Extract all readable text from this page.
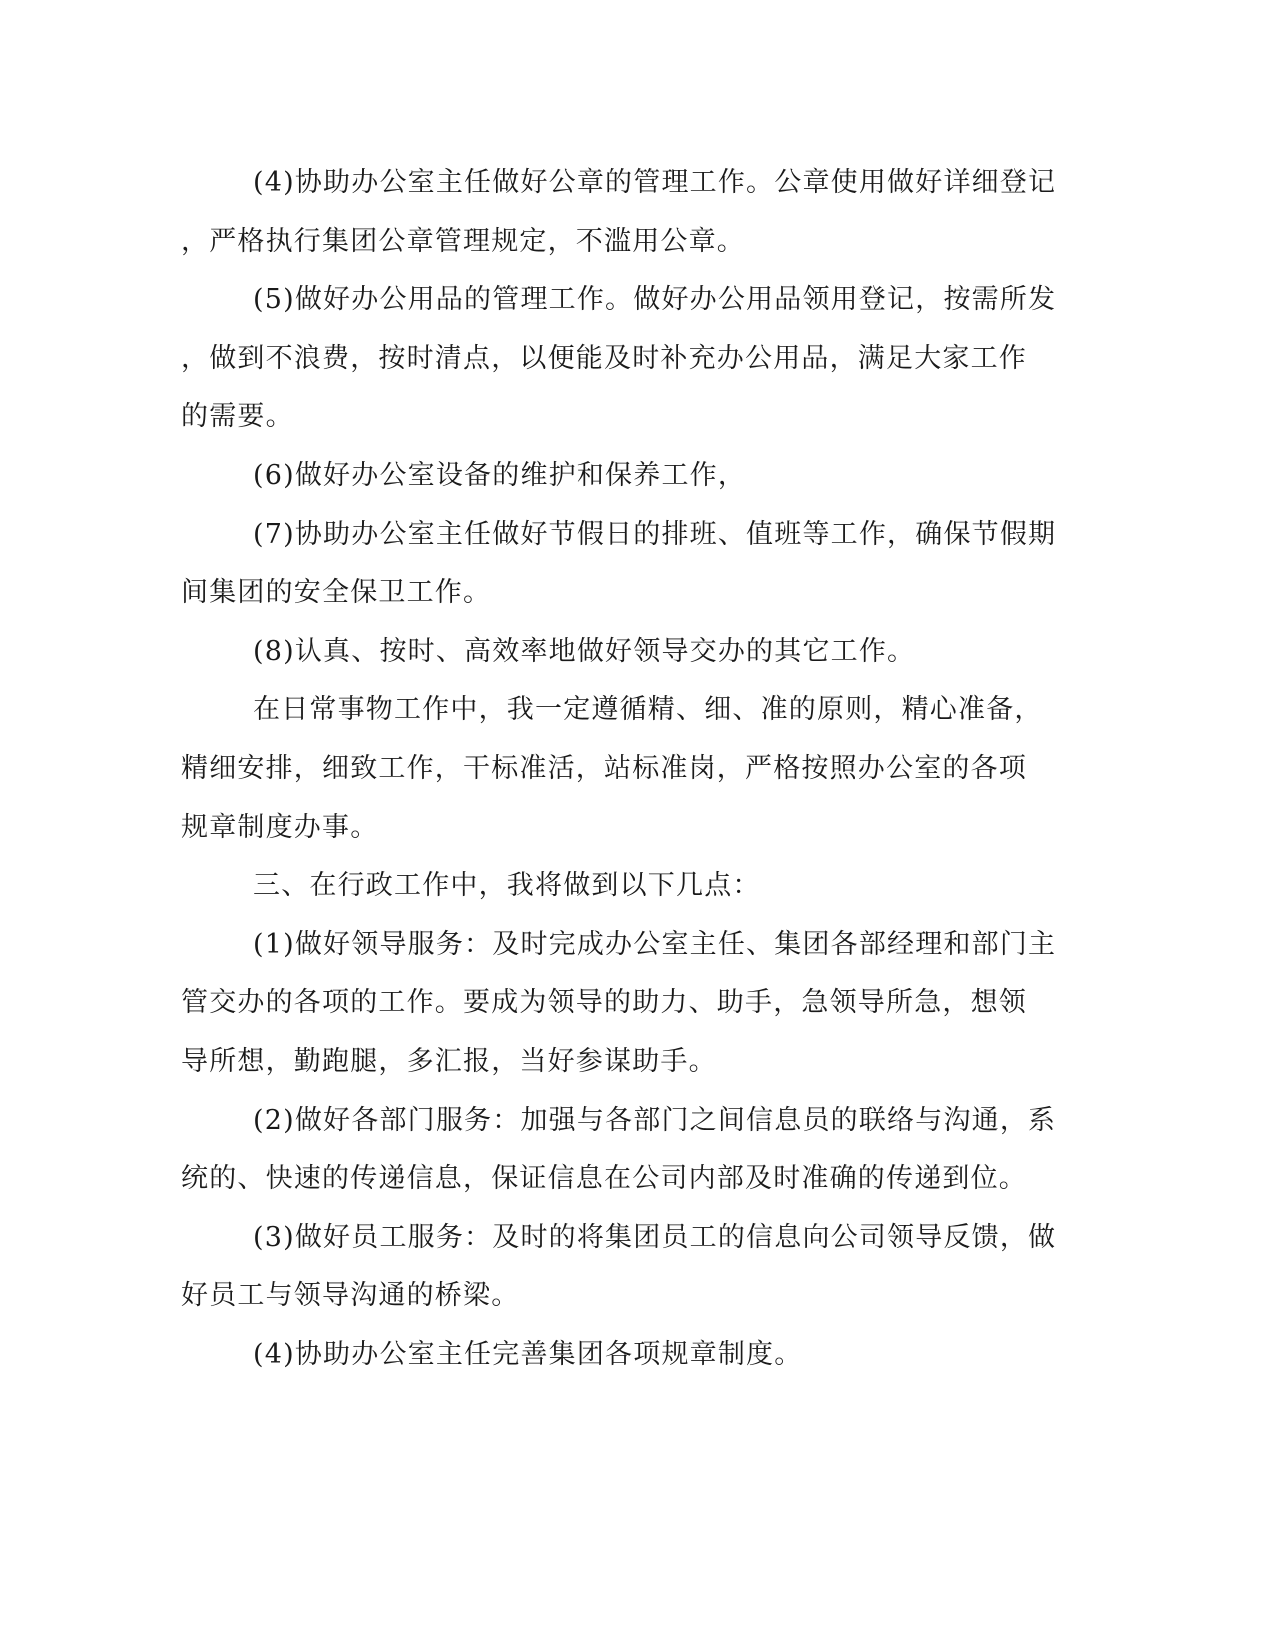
(4)协助办公室主任做好公章的管理工作。公章使用做好详细登记
，严格执行集团公章管理规定，不滥用公章。
(5)做好办公用品的管理工作。做好办公用品领用登记，按需所发
，做到不浪费，按时清点，以便能及时补充办公用品，满足大家工作
的需要。
(6)做好办公室设备的维护和保养工作，
(7)协助办公室主任做好节假日的排班、值班等工作，确保节假期
间集团的安全保卫工作。
(8)认真、按时、高效率地做好领导交办的其它工作。
在日常事物工作中，我一定遵循精、细、准的原则，精心准备，
精细安排，细致工作，干标准活，站标准岗，严格按照办公室的各项
规章制度办事。
三、在行政工作中，我将做到以下几点：
(1)做好领导服务：及时完成办公室主任、集团各部经理和部门主
管交办的各项的工作。要成为领导的助力、助手，急领导所急，想领
导所想，勤跑腿，多汇报，当好参谋助手。
(2)做好各部门服务：加强与各部门之间信息员的联络与沟通，系
统的、快速的传递信息，保证信息在公司内部及时准确的传递到位。
(3)做好员工服务：及时的将集团员工的信息向公司领导反馈，做
好员工与领导沟通的桥梁。
(4)协助办公室主任完善集团各项规章制度。
